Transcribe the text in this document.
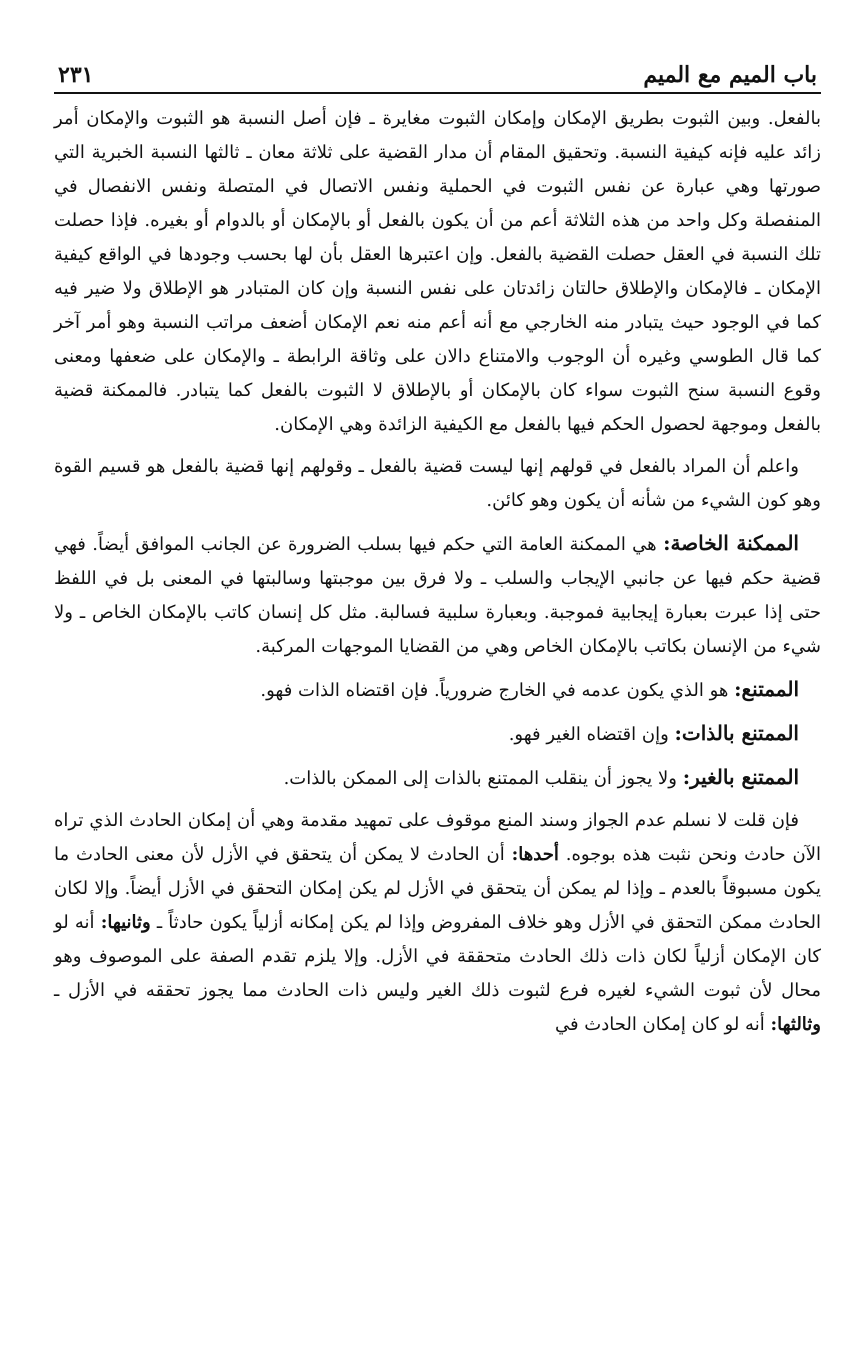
باب الميم مع الميم
٢٣١

بالفعل. وبين الثبوت بطريق الإمكان وإمكان الثبوت مغايرة ـ فإن أصل النسبة هو الثبوت والإمكان أمر زائد عليه فإنه كيفية النسبة. وتحقيق المقام أن مدار القضية على ثلاثة معان ـ ثالثها النسبة الخبرية التي صورتها وهي عبارة عن نفس الثبوت في الحملية ونفس الاتصال في المتصلة ونفس الانفصال في المنفصلة وكل واحد من هذه الثلاثة أعم من أن يكون بالفعل أو بالإمكان أو بالدوام أو بغيره. فإذا حصلت تلك النسبة في العقل حصلت القضية بالفعل. وإن اعتبرها العقل بأن لها بحسب وجودها في الواقع كيفية الإمكان ـ فالإمكان والإطلاق حالتان زائدتان على نفس النسبة وإن كان المتبادر هو الإطلاق ولا ضير فيه كما في الوجود حيث يتبادر منه الخارجي مع أنه أعم منه نعم الإمكان أضعف مراتب النسبة وهو أمر آخر كما قال الطوسي وغيره أن الوجوب والامتناع دالان على وثاقة الرابطة ـ والإمكان على ضعفها ومعنى وقوع النسبة سنح الثبوت سواء كان بالإمكان أو بالإطلاق لا الثبوت بالفعل كما يتبادر. فالممكنة قضية بالفعل وموجهة لحصول الحكم فيها بالفعل مع الكيفية الزائدة وهي الإمكان.

واعلم أن المراد بالفعل في قولهم إنها ليست قضية بالفعل ـ وقولهم إنها قضية بالفعل هو قسيم القوة وهو كون الشيء من شأنه أن يكون وهو كائن.

الممكنة الخاصة: هي الممكنة العامة التي حكم فيها بسلب الضرورة عن الجانب الموافق أيضاً. فهي قضية حكم فيها عن جانبي الإيجاب والسلب ـ ولا فرق بين موجبتها وسالبتها في المعنى بل في اللفظ حتى إذا عبرت بعبارة إيجابية فموجبة. وبعبارة سلبية فسالبة. مثل كل إنسان كاتب بالإمكان الخاص ـ ولا شيء من الإنسان بكاتب بالإمكان الخاص وهي من القضايا الموجهات المركبة.

الممتنع: هو الذي يكون عدمه في الخارج ضرورياً. فإن اقتضاه الذات فهو.

الممتنع بالذات: وإن اقتضاه الغير فهو.

الممتنع بالغير: ولا يجوز أن ينقلب الممتنع بالذات إلى الممكن بالذات.

فإن قلت لا نسلم عدم الجواز وسند المنع موقوف على تمهيد مقدمة وهي أن إمكان الحادث الذي تراه الآن حادث ونحن نثبت هذه بوجوه. أحدها: أن الحادث لا يمكن أن يتحقق في الأزل لأن معنى الحادث ما يكون مسبوقاً بالعدم ـ وإذا لم يمكن أن يتحقق في الأزل لم يكن إمكان التحقق في الأزل أيضاً. وإلا لكان الحادث ممكن التحقق في الأزل وهو خلاف المفروض وإذا لم يكن إمكانه أزلياً يكون حادثاً ـ وثانيها: أنه لو كان الإمكان أزلياً لكان ذات ذلك الحادث متحققة في الأزل. وإلا يلزم تقدم الصفة على الموصوف وهو محال لأن ثبوت الشيء لغيره فرع لثبوت ذلك الغير وليس ذات الحادث مما يجوز تحققه في الأزل ـ وثالثها: أنه لو كان إمكان الحادث في
